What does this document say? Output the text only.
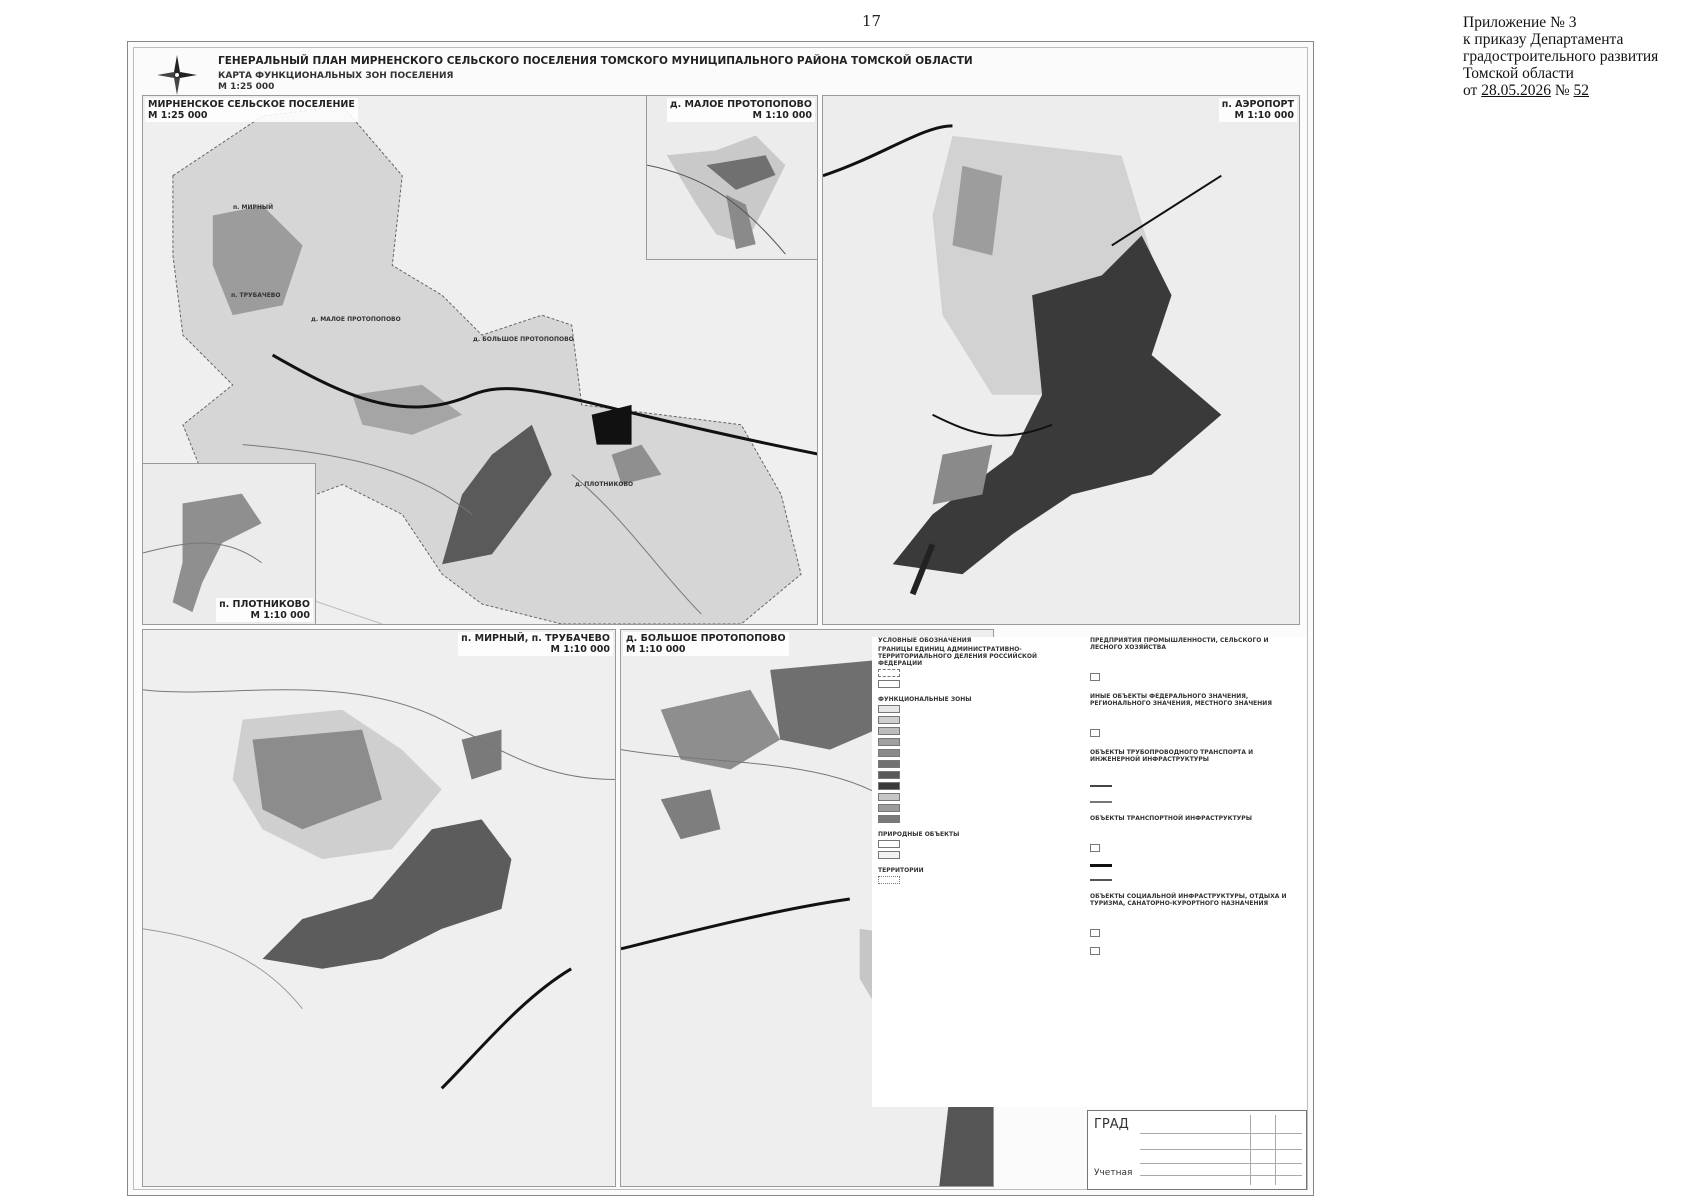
17	Приложение № 3
к приказу Департамента
градостроительного развития
Томской области
от 28.05.2026 № 52
ГЕНЕРАЛЬНЫЙ ПЛАН МИРНЕНСКОГО СЕЛЬСКОГО ПОСЕЛЕНИЯ ТОМСКОГО МУНИЦИПАЛЬНОГО РАЙОНА ТОМСКОЙ ОБЛАСТИ
КАРТА ФУНКЦИОНАЛЬНЫХ ЗОН ПОСЕЛЕНИЯ
М 1:25 000
МИРНЕНСКОЕ СЕЛЬСКОЕ ПОСЕЛЕНИЕ
М 1:25 000
п. МИРНЫЙ
п. ТРУБАЧЕВО
д. МАЛОЕ ПРОТОПОПОВО
д. БОЛЬШОЕ ПРОТОПОПОВО
д. ПЛОТНИКОВО
д. МАЛОЕ ПРОТОПОПОВО
М 1:10 000
п. АЭРОПОРТ
М 1:10 000
п. ПЛОТНИКОВО
М 1:10 000
п. МИРНЫЙ, п. ТРУБАЧЕВО
М 1:10 000
д. БОЛЬШОЕ ПРОТОПОПОВО
М 1:10 000
УСЛОВНЫЕ ОБОЗНАЧЕНИЯ
ГРАНИЦЫ ЕДИНИЦ АДМИНИСТРАТИВНО-ТЕРРИТОРИАЛЬНОГО ДЕЛЕНИЯ РОССИЙСКОЙ ФЕДЕРАЦИИ
ФУНКЦИОНАЛЬНЫЕ ЗОНЫ
ПРИРОДНЫЕ ОБЪЕКТЫ
ТЕРРИТОРИИ
ПРЕДПРИЯТИЯ ПРОМЫШЛЕННОСТИ, СЕЛЬСКОГО И ЛЕСНОГО ХОЗЯЙСТВА
ИНЫЕ ОБЪЕКТЫ ФЕДЕРАЛЬНОГО ЗНАЧЕНИЯ, РЕГИОНАЛЬНОГО ЗНАЧЕНИЯ, МЕСТНОГО ЗНАЧЕНИЯ
ОБЪЕКТЫ ТРУБОПРОВОДНОГО ТРАНСПОРТА И ИНЖЕНЕРНОЙ ИНФРАСТРУКТУРЫ
ОБЪЕКТЫ ТРАНСПОРТНОЙ ИНФРАСТРУКТУРЫ
ОБЪЕКТЫ СОЦИАЛЬНОЙ ИНФРАСТРУКТУРЫ, ОТДЫХА И ТУРИЗМА, САНАТОРНО-КУРОРТНОГО НАЗНАЧЕНИЯ
ГРАД
Учетная
